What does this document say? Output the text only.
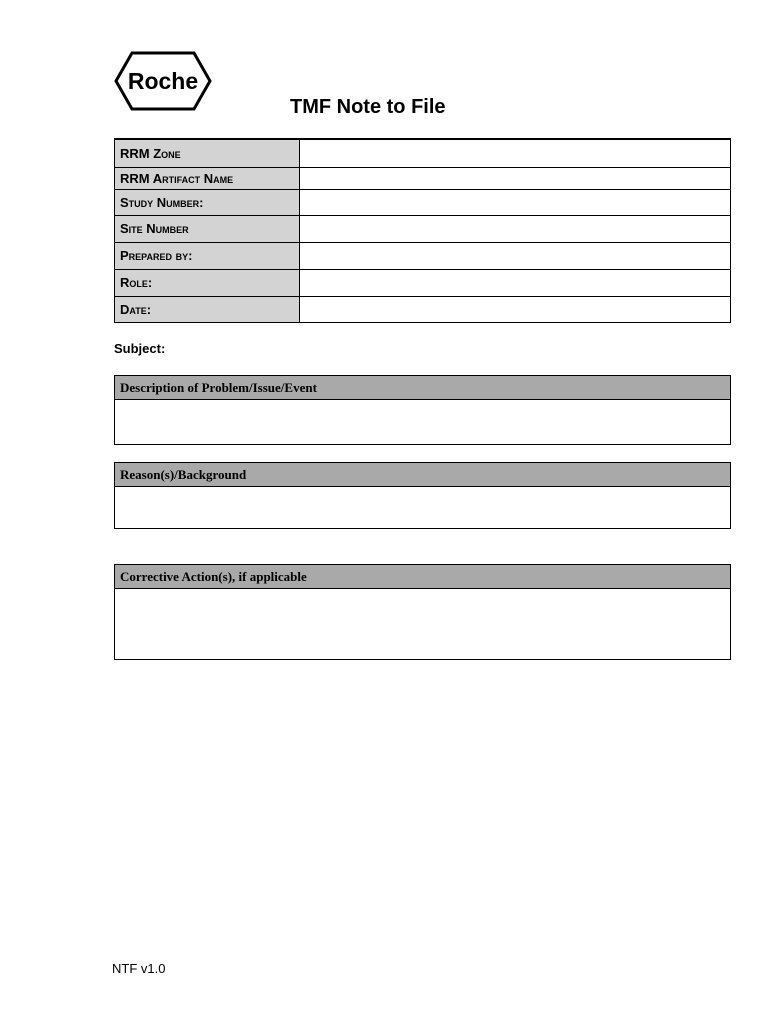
Roche
TMF Note to File
RRM Zone	
RRM Artifact Name	
Study Number:	
Site Number	
Prepared by:	
Role:	
Date:	
Subject:
Description of Problem/Issue/Event
Reason(s)/Background
Corrective Action(s), if applicable
NTF v1.0
